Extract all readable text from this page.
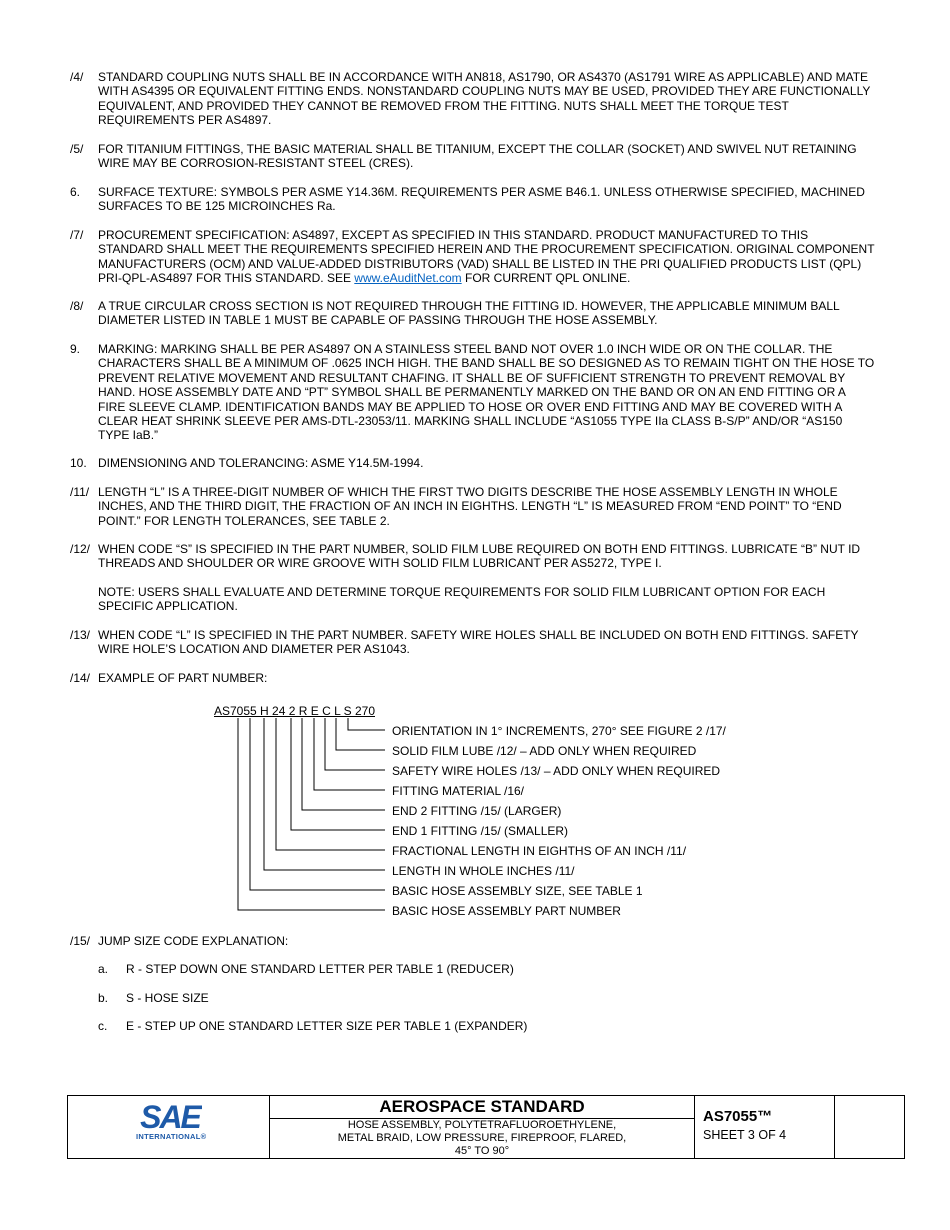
/4/ STANDARD COUPLING NUTS SHALL BE IN ACCORDANCE WITH AN818, AS1790, OR AS4370 (AS1791 WIRE AS APPLICABLE) AND MATE WITH AS4395 OR EQUIVALENT FITTING ENDS. NONSTANDARD COUPLING NUTS MAY BE USED, PROVIDED THEY ARE FUNCTIONALLY EQUIVALENT, AND PROVIDED THEY CANNOT BE REMOVED FROM THE FITTING. NUTS SHALL MEET THE TORQUE TEST REQUIREMENTS PER AS4897.
/5/ FOR TITANIUM FITTINGS, THE BASIC MATERIAL SHALL BE TITANIUM, EXCEPT THE COLLAR (SOCKET) AND SWIVEL NUT RETAINING WIRE MAY BE CORROSION-RESISTANT STEEL (CRES).
6. SURFACE TEXTURE: SYMBOLS PER ASME Y14.36M. REQUIREMENTS PER ASME B46.1. UNLESS OTHERWISE SPECIFIED, MACHINED SURFACES TO BE 125 MICROINCHES Ra.
/7/ PROCUREMENT SPECIFICATION: AS4897, EXCEPT AS SPECIFIED IN THIS STANDARD. PRODUCT MANUFACTURED TO THIS STANDARD SHALL MEET THE REQUIREMENTS SPECIFIED HEREIN AND THE PROCUREMENT SPECIFICATION. ORIGINAL COMPONENT MANUFACTURERS (OCM) AND VALUE-ADDED DISTRIBUTORS (VAD) SHALL BE LISTED IN THE PRI QUALIFIED PRODUCTS LIST (QPL) PRI-QPL-AS4897 FOR THIS STANDARD. SEE www.eAuditNet.com FOR CURRENT QPL ONLINE.
/8/ A TRUE CIRCULAR CROSS SECTION IS NOT REQUIRED THROUGH THE FITTING ID. HOWEVER, THE APPLICABLE MINIMUM BALL DIAMETER LISTED IN TABLE 1 MUST BE CAPABLE OF PASSING THROUGH THE HOSE ASSEMBLY.
9. MARKING: MARKING SHALL BE PER AS4897 ON A STAINLESS STEEL BAND NOT OVER 1.0 INCH WIDE OR ON THE COLLAR. THE CHARACTERS SHALL BE A MINIMUM OF .0625 INCH HIGH. THE BAND SHALL BE SO DESIGNED AS TO REMAIN TIGHT ON THE HOSE TO PREVENT RELATIVE MOVEMENT AND RESULTANT CHAFING. IT SHALL BE OF SUFFICIENT STRENGTH TO PREVENT REMOVAL BY HAND. HOSE ASSEMBLY DATE AND “PT” SYMBOL SHALL BE PERMANENTLY MARKED ON THE BAND OR ON AN END FITTING OR A FIRE SLEEVE CLAMP. IDENTIFICATION BANDS MAY BE APPLIED TO HOSE OR OVER END FITTING AND MAY BE COVERED WITH A CLEAR HEAT SHRINK SLEEVE PER AMS-DTL-23053/11. MARKING SHALL INCLUDE “AS1055 TYPE IIa CLASS B-S/P” AND/OR “AS150 TYPE IaB.”
10. DIMENSIONING AND TOLERANCING: ASME Y14.5M-1994.
/11/ LENGTH “L” IS A THREE-DIGIT NUMBER OF WHICH THE FIRST TWO DIGITS DESCRIBE THE HOSE ASSEMBLY LENGTH IN WHOLE INCHES, AND THE THIRD DIGIT, THE FRACTION OF AN INCH IN EIGHTHS. LENGTH “L” IS MEASURED FROM “END POINT” TO “END POINT.” FOR LENGTH TOLERANCES, SEE TABLE 2.
/12/ WHEN CODE “S” IS SPECIFIED IN THE PART NUMBER, SOLID FILM LUBE REQUIRED ON BOTH END FITTINGS. LUBRICATE “B” NUT ID THREADS AND SHOULDER OR WIRE GROOVE WITH SOLID FILM LUBRICANT PER AS5272, TYPE I.
NOTE: USERS SHALL EVALUATE AND DETERMINE TORQUE REQUIREMENTS FOR SOLID FILM LUBRICANT OPTION FOR EACH SPECIFIC APPLICATION.
/13/ WHEN CODE “L” IS SPECIFIED IN THE PART NUMBER. SAFETY WIRE HOLES SHALL BE INCLUDED ON BOTH END FITTINGS. SAFETY WIRE HOLE’S LOCATION AND DIAMETER PER AS1043.
/14/ EXAMPLE OF PART NUMBER:
AS7055 H 24 2 R E C L S 270
ORIENTATION IN 1° INCREMENTS, 270° SEE FIGURE 2 /17/
SOLID FILM LUBE /12/ – ADD ONLY WHEN REQUIRED
SAFETY WIRE HOLES /13/ – ADD ONLY WHEN REQUIRED
FITTING MATERIAL /16/
END 2 FITTING /15/ (LARGER)
END 1 FITTING /15/ (SMALLER)
FRACTIONAL LENGTH IN EIGHTHS OF AN INCH /11/
LENGTH IN WHOLE INCHES /11/
BASIC HOSE ASSEMBLY SIZE, SEE TABLE 1
BASIC HOSE ASSEMBLY PART NUMBER
/15/ JUMP SIZE CODE EXPLANATION:
a. R - STEP DOWN ONE STANDARD LETTER PER TABLE 1 (REDUCER)
b. S - HOSE SIZE
c. E - STEP UP ONE STANDARD LETTER SIZE PER TABLE 1 (EXPANDER)
SAE
INTERNATIONAL®
AEROSPACE STANDARD
HOSE ASSEMBLY, POLYTETRAFLUOROETHYLENE,
METAL BRAID, LOW PRESSURE, FIREPROOF, FLARED,
45° TO 90°
AS7055™
SHEET 3 OF 4
